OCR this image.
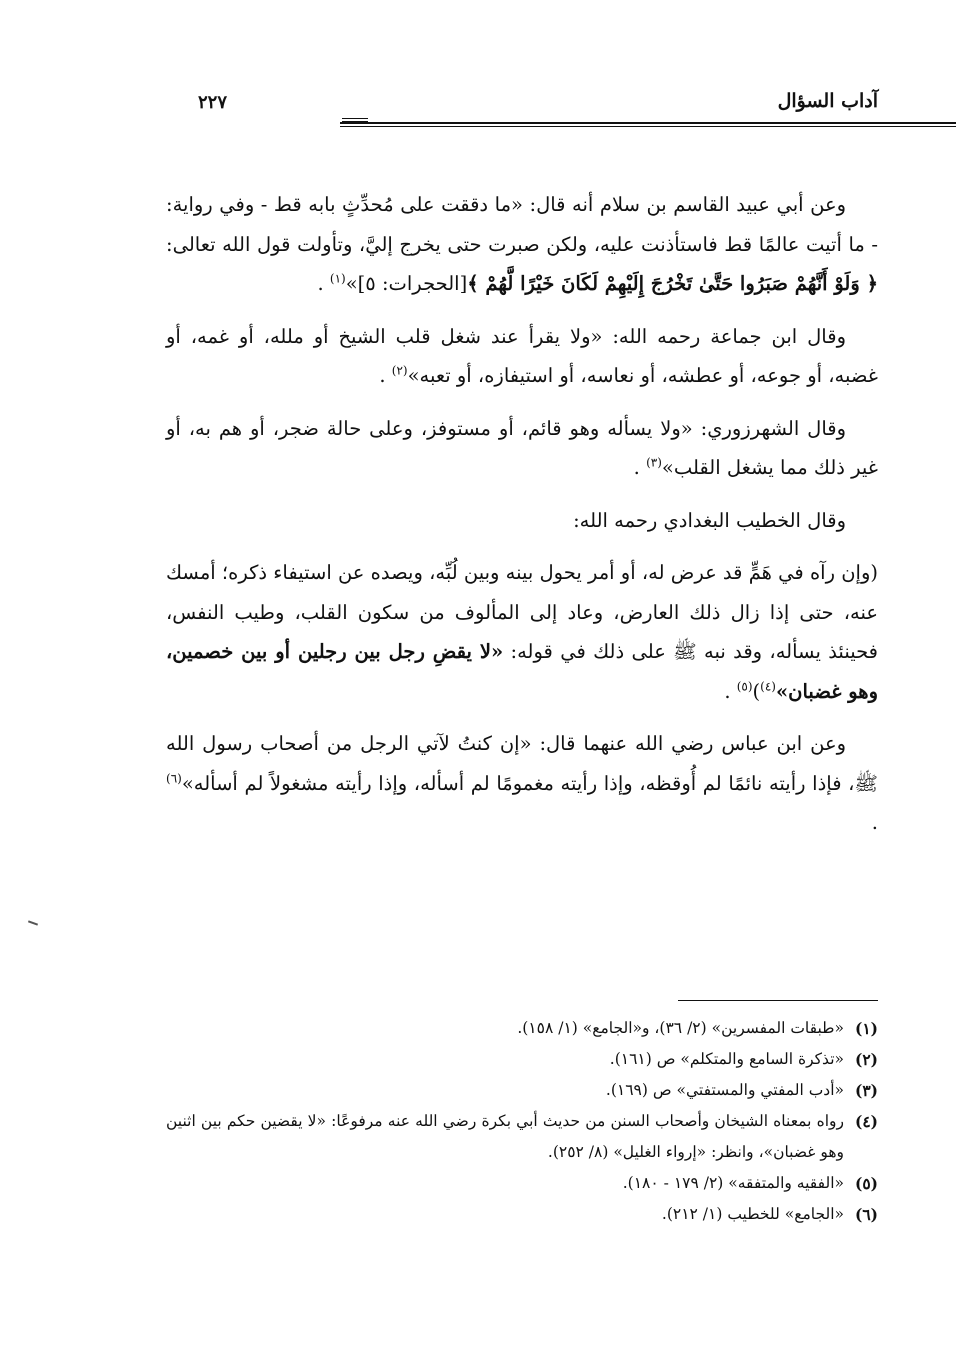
آداب السؤال
٢٢٧

وعن أبي عبيد القاسم بن سلام أنه قال: «ما دققت على مُحدِّثٍ بابه قط - وفي رواية: - ما أتيت عالمًا قط فاستأذنت عليه، ولكن صبرت حتى يخرج إليَّ، وتأولت قول الله تعالى: ﴿ وَلَوْ أَنَّهُمْ صَبَرُوا حَتَّىٰ تَخْرُجَ إِلَيْهِمْ لَكَانَ خَيْرًا لَّهُمْ ﴾[الحجرات: ٥]»$^{(١)}$ .

وقال ابن جماعة رحمه الله: «ولا يقرأ عند شغل قلب الشيخ أو ملله، أو غمه، أو غضبه، أو جوعه، أو عطشه، أو نعاسه، أو استيفازه، أو تعبه»$^{(٢)}$ .

وقال الشهرزوري: «ولا يسأله وهو قائم، أو مستوفز، وعلى حالة ضجر، أو هم به، أو غير ذلك مما يشغل القلب»$^{(٣)}$ .

وقال الخطيب البغدادي رحمه الله:

(وإن رآه في هَمٍّ قد عرض له، أو أمر يحول بينه وبين لُبِّه، ويصده عن استيفاء ذكره؛ أمسك عنه، حتى إذا زال ذلك العارض، وعاد إلى المألوف من سكون القلب، وطيب النفس، فحينئذ يسأله، وقد نبه ﷺ على ذلك في قوله: «لا يقضِ رجل بين رجلين أو بين خصمين، وهو غضبان»$^{(٤)}$)$^{(٥)}$ .

وعن ابن عباس رضي الله عنهما قال: «إن كنتُ لآتي الرجل من أصحاب رسول الله ﷺ، فإذا رأيته نائمًا لم أُوقظه، وإذا رأيته مغمومًا لم أسأله، وإذا رأيته مشغولاً لم أسأله»$^{(٦)}$ .

(١)
«طبقات المفسرين» (٢/ ٣٦)، و«الجامع» (١/ ١٥٨).
(٢)
«تذكرة السامع والمتكلم» ص (١٦١).
(٣)
«أدب المفتي والمستفتي» ص (١٦٩).
(٤)
رواه بمعناه الشيخان وأصحاب السنن من حديث أبي بكرة رضي الله عنه مرفوعًا: «لا يقضين حكم بين اثنين وهو غضبان»، وانظر: «إرواء الغليل» (٨/ ٢٥٢).
(٥)
«الفقيه والمتفقه» (٢/ ١٧٩ - ١٨٠).
(٦)
«الجامع» للخطيب (١/ ٢١٢).
